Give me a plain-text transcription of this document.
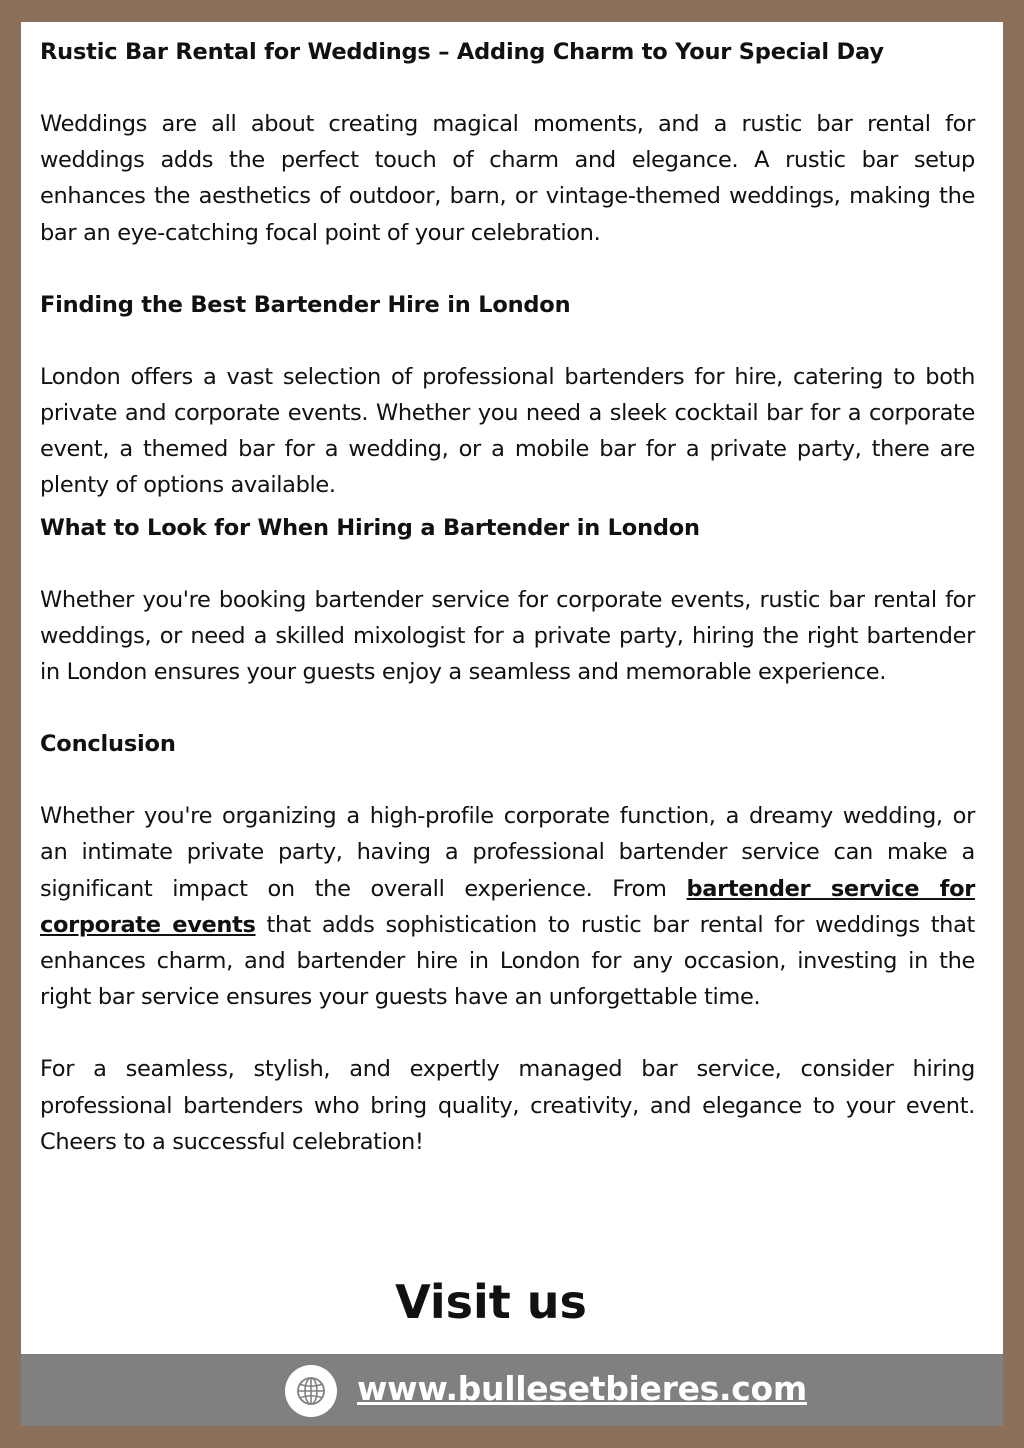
Rustic Bar Rental for Weddings – Adding Charm to Your Special Day

Weddings are all about creating magical moments, and a rustic bar rental for weddings adds the perfect touch of charm and elegance. A rustic bar setup enhances the aesthetics of outdoor, barn, or vintage-themed weddings, making the bar an eye-catching focal point of your celebration.

Finding the Best Bartender Hire in London

London offers a vast selection of professional bartenders for hire, catering to both private and corporate events. Whether you need a sleek cocktail bar for a corporate event, a themed bar for a wedding, or a mobile bar for a private party, there are plenty of options available.

What to Look for When Hiring a Bartender in London

Whether you're booking bartender service for corporate events, rustic bar rental for weddings, or need a skilled mixologist for a private party, hiring the right bartender in London ensures your guests enjoy a seamless and memorable experience.

Conclusion

Whether you're organizing a high-profile corporate function, a dreamy wedding, or an intimate private party, having a professional bartender service can make a significant impact on the overall experience. From bartender service for corporate events that adds sophistication to rustic bar rental for weddings that enhances charm, and bartender hire in London for any occasion, investing in the right bar service ensures your guests have an unforgettable time.

For a seamless, stylish, and expertly managed bar service, consider hiring professional bartenders who bring quality, creativity, and elegance to your event. Cheers to a successful celebration!

Visit us

www.bullesetbieres.com
